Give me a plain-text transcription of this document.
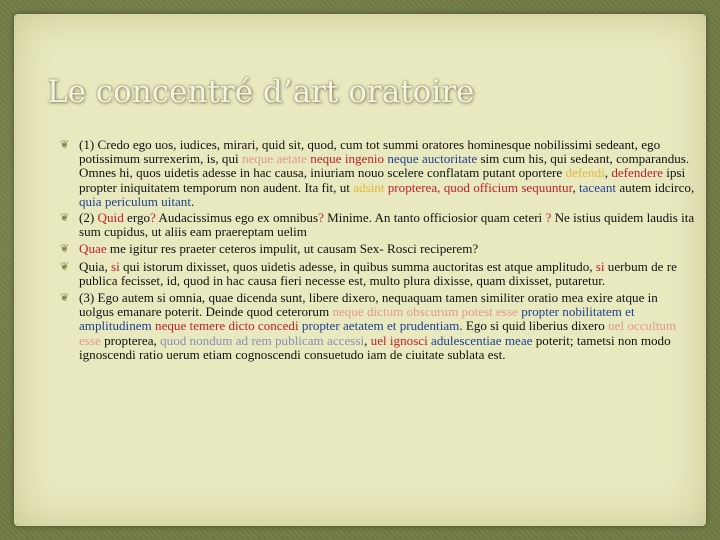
Le concentré d’art oratoire
❦ (1) Credo ego uos, iudices, mirari, quid sit, quod, cum tot summi oratores hominesque nobilissimi sedeant, ego potissimum surrexerim, is, qui neque aetate neque ingenio neque auctoritate sim cum his, qui sedeant, comparandus. Omnes hi, quos uidetis adesse in hac causa, iniuriam nouo scelere conflatam putant oportere defendi, defendere ipsi propter iniquitatem temporum non audent. Ita fit, ut adsint propterea, quod officium sequuntur, taceant autem idcirco, quia periculum uitant.
❦ (2) Quid ergo? Audacissimus ego ex omnibus? Minime. An tanto officiosior quam ceteri ? Ne istius quidem laudis ita sum cupidus, ut aliis eam praereptam uelim
❦ Quae me igitur res praeter ceteros impulit, ut causam Sex- Rosci reciperem?
❦ Quia, si qui istorum dixisset, quos uidetis adesse, in quibus summa auctoritas est atque amplitudo, si uerbum de re publica fecisset, id, quod in hac causa fieri necesse est, multo plura dixisse, quam dixisset, putaretur.
❦ (3) Ego autem si omnia, quae dicenda sunt, libere dixero, nequaquam tamen similiter oratio mea exire atque in uolgus emanare poterit. Deinde quod ceterorum neque dictum obscurum potest esse propter nobilitatem et amplitudinem neque temere dicto concedi propter aetatem et prudentiam. Ego si quid liberius dixero uel occultum esse propterea, quod nondum ad rem publicam accessi, uel ignosci adulescentiae meae poterit; tametsi non modo ignoscendi ratio uerum etiam cognoscendi consuetudo iam de ciuitate sublata est.
